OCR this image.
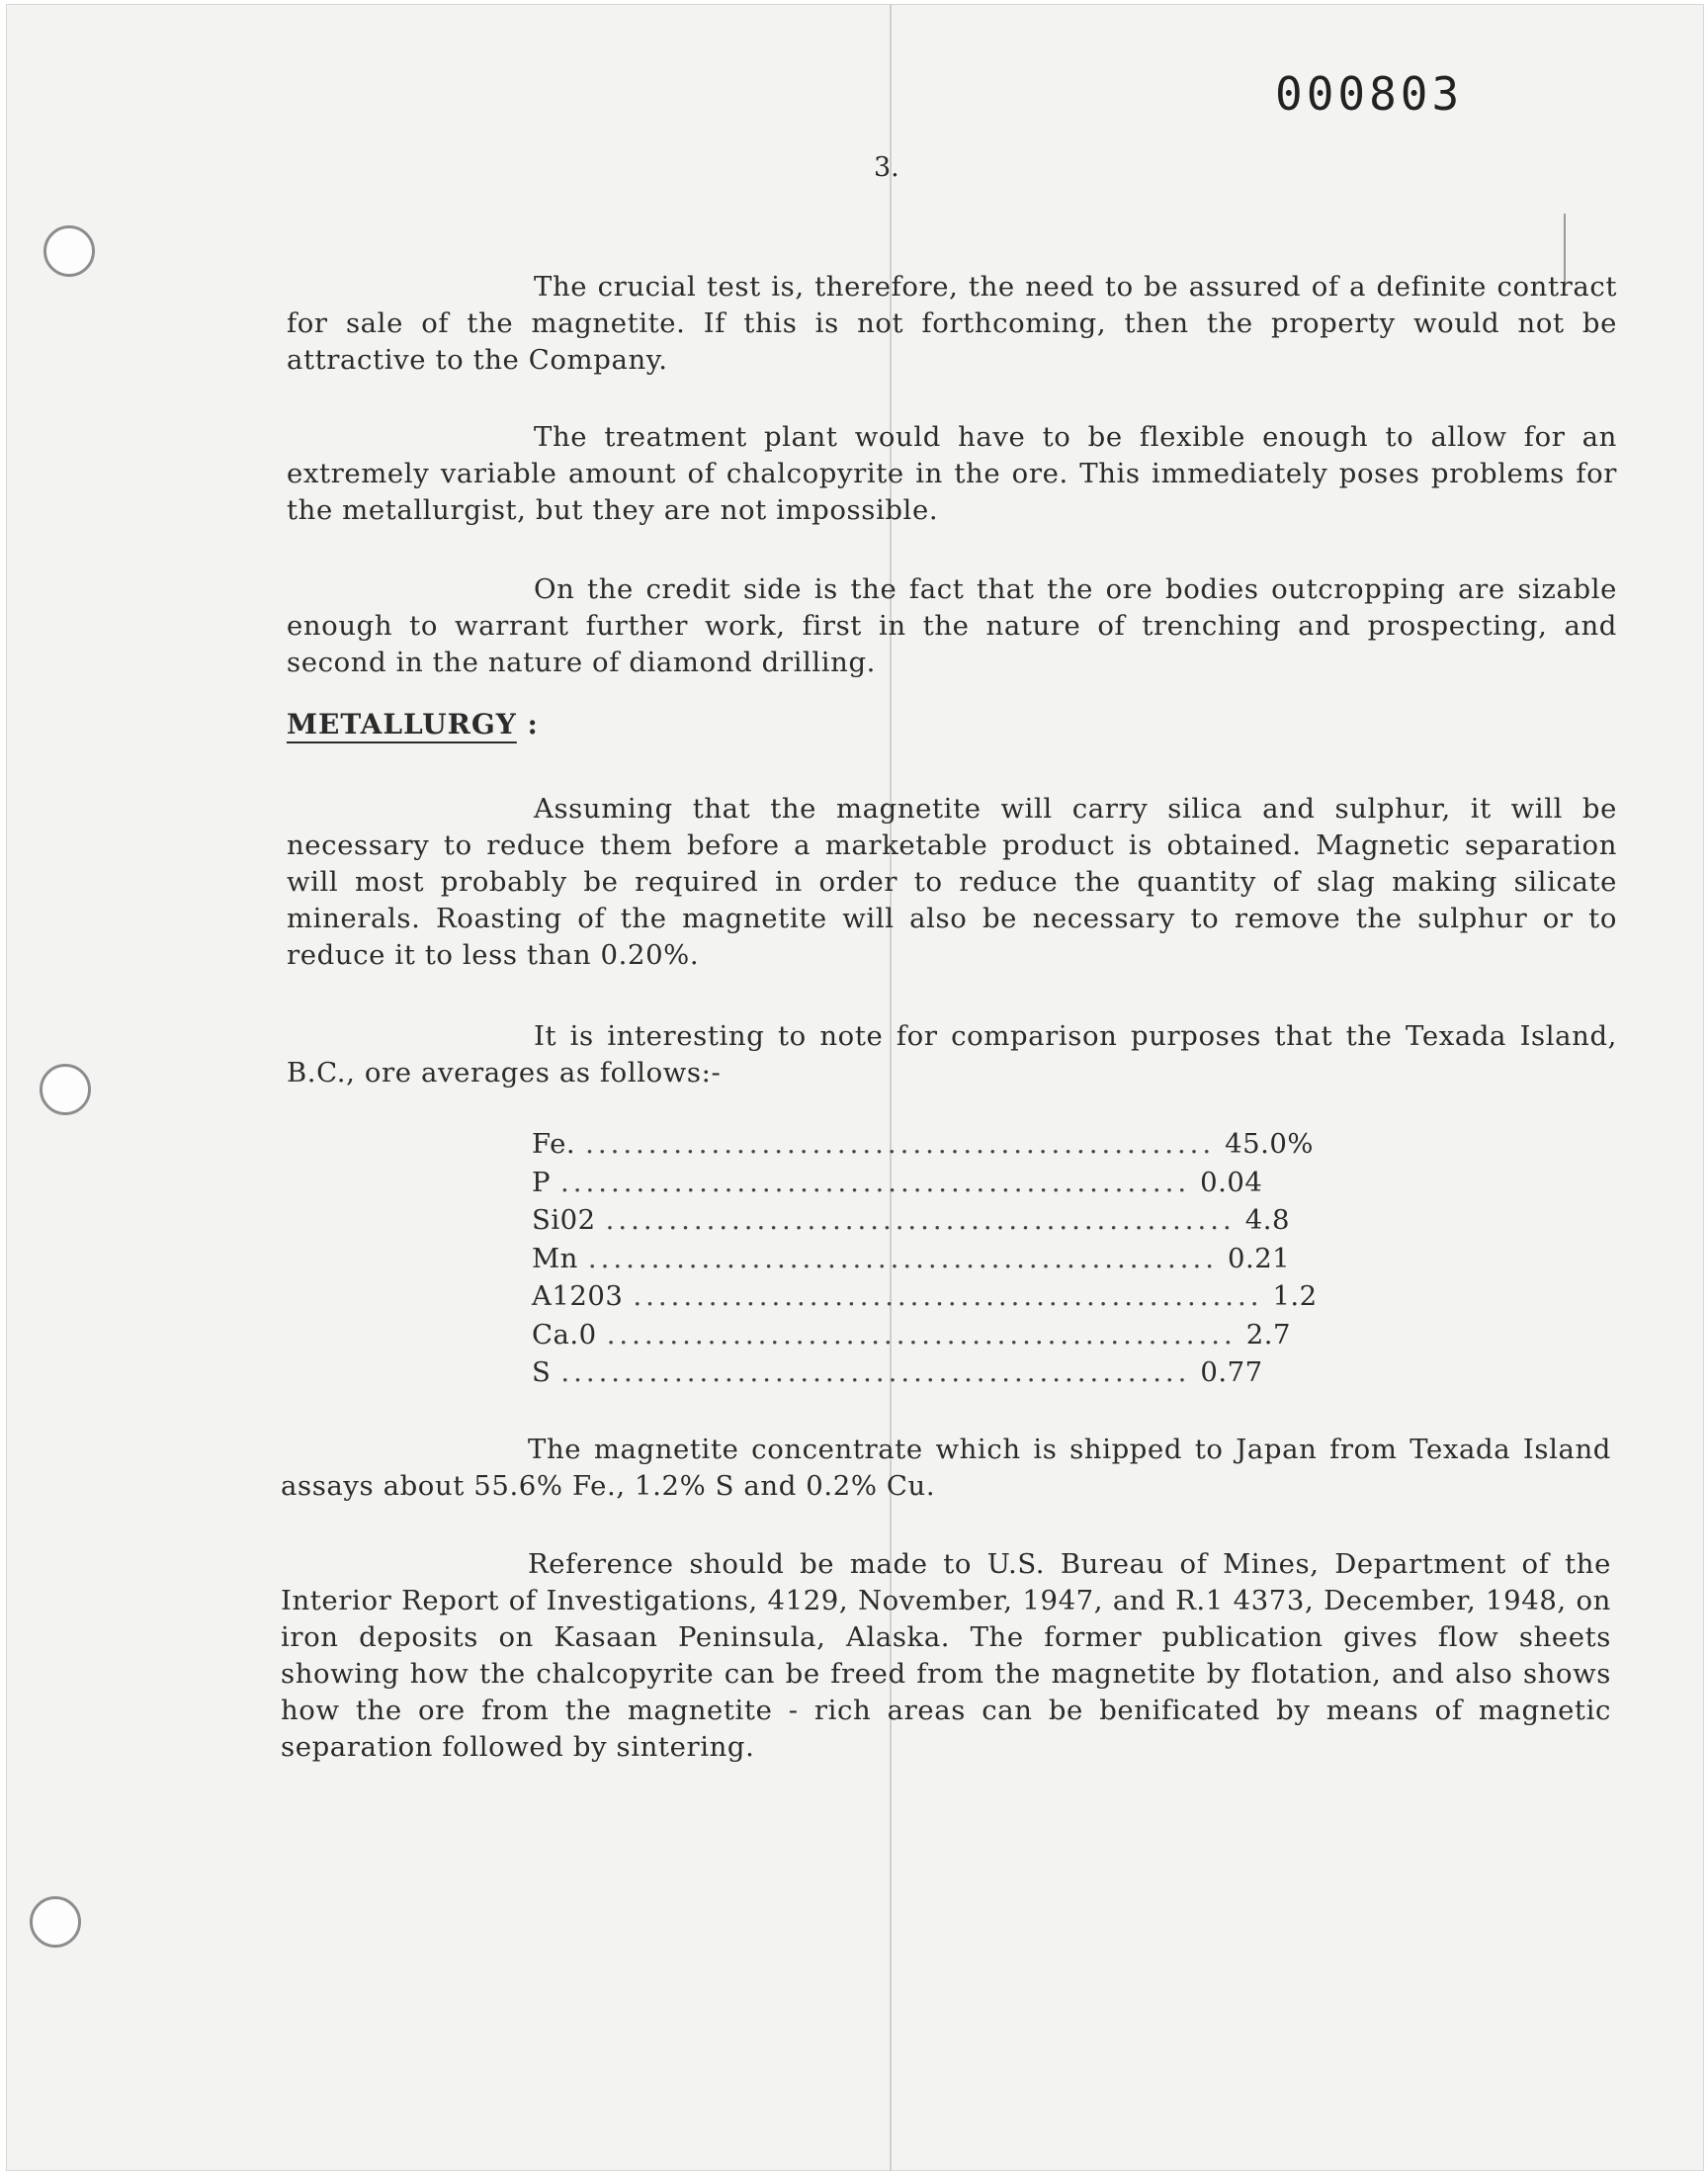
000803
3.

The crucial test is, therefore, the need to be assured of a definite contract for sale of the magnetite. If this is not forthcoming, then the property would not be attractive to the Company.

The treatment plant would have to be flexible enough to allow for an extremely variable amount of chalcopyrite in the ore. This immediately poses problems for the metallurgist, but they are not impossible.

On the credit side is the fact that the ore bodies outcropping are sizable enough to warrant further work, first in the nature of trenching and prospecting, and second in the nature of diamond drilling.

METALLURGY :

Assuming that the magnetite will carry silica and sulphur, it will be necessary to reduce them before a marketable product is obtained. Magnetic separation will most probably be required in order to reduce the quantity of slag making silicate minerals. Roasting of the magnetite will also be necessary to remove the sulphur or to reduce it to less than 0.20%.

It is interesting to note for comparison purposes that the Texada Island, B.C., ore averages as follows:-

Fe. .................................................. 45.0%
P .................................................. 0.04
Si02 .................................................. 4.8
Mn .................................................. 0.21
A1203 .................................................. 1.2
Ca.0 .................................................. 2.7
S .................................................. 0.77

The magnetite concentrate which is shipped to Japan from Texada Island assays about 55.6% Fe., 1.2% S and 0.2% Cu.

Reference should be made to U.S. Bureau of Mines, Department of the Interior Report of Investigations, 4129, November, 1947, and R.1 4373, December, 1948, on iron deposits on Kasaan Peninsula, Alaska. The former publication gives flow sheets showing how the chalcopyrite can be freed from the magnetite by flotation, and also shows how the ore from the magnetite - rich areas can be benificated by means of magnetic separation followed by sintering.
